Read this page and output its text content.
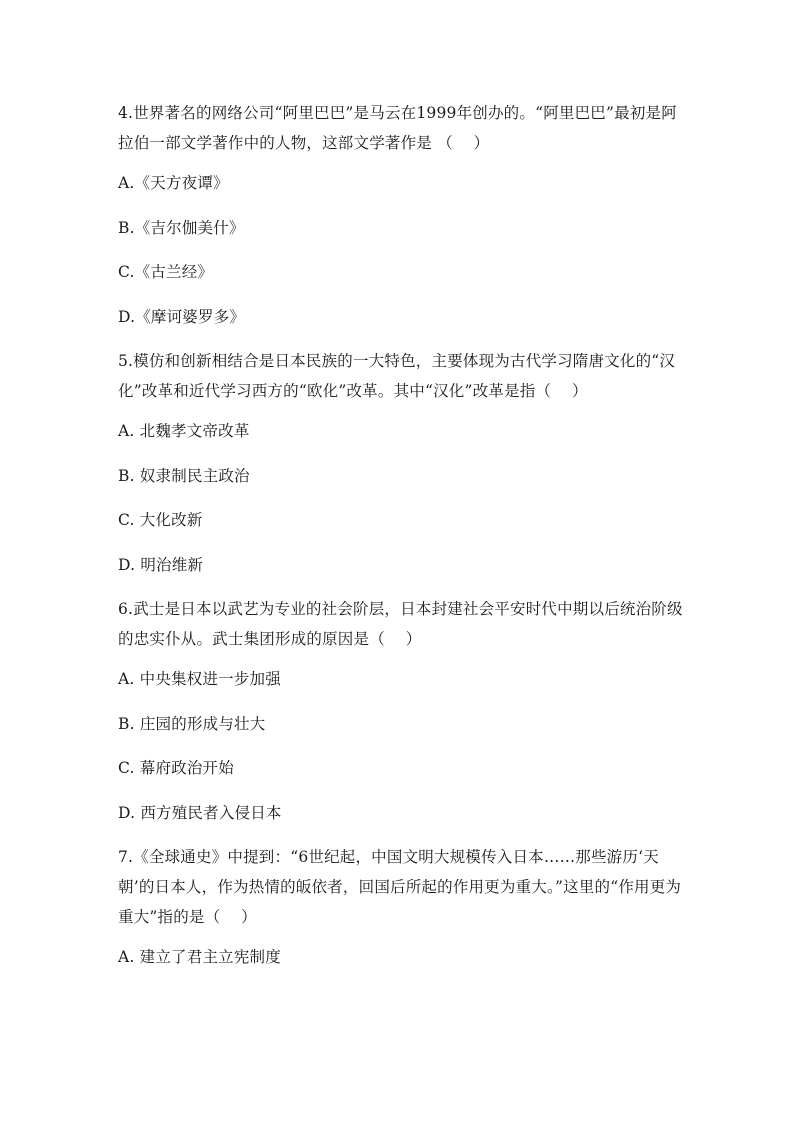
4.世界著名的网络公司“阿里巴巴”是马云在1999年创办的。“阿里巴巴”最初是阿拉伯一部文学著作中的人物，这部文学著作是 （　 ）

A.《天方夜谭》
B.《吉尔伽美什》
C.《古兰经》
D.《摩诃婆罗多》

5.模仿和创新相结合是日本民族的一大特色，主要体现为古代学习隋唐文化的“汉化”改革和近代学习西方的“欧化”改革。其中“汉化”改革是指（　 ）

A. 北魏孝文帝改革
B. 奴隶制民主政治
C. 大化改新
D. 明治维新

6.武士是日本以武艺为专业的社会阶层，日本封建社会平安时代中期以后统治阶级的忠实仆从。武士集团形成的原因是（　 ）

A. 中央集权进一步加强
B. 庄园的形成与壮大
C. 幕府政治开始
D. 西方殖民者入侵日本

7.《全球通史》中提到：“6世纪起，中国文明大规模传入日本……那些游历‘天朝’的日本人，作为热情的皈依者，回国后所起的作用更为重大。”这里的“作用更为重大”指的是（　 ）

A. 建立了君主立宪制度
